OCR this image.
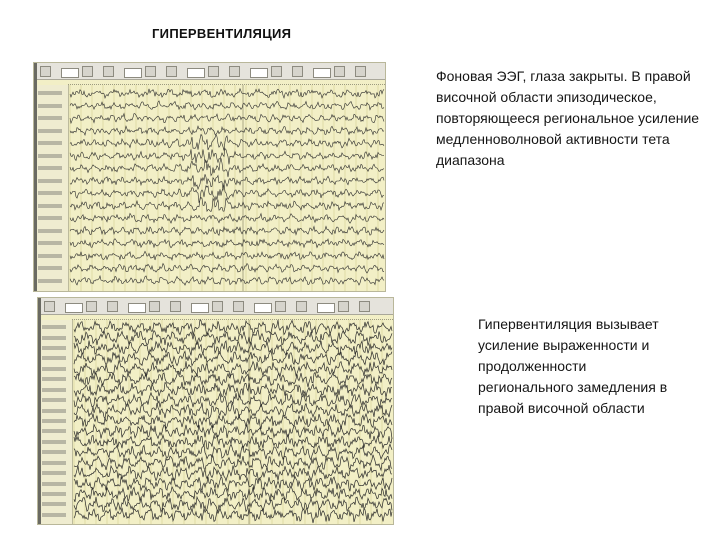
ГИПЕРВЕНТИЛЯЦИЯ
Фоновая ЭЭГ, глаза закрыты. В правой височной области эпизодическое, повторяющееся региональное усиление медленноволновой активности тета диапазона
Гипервентиляция вызывает усиление выраженности и продолженности регионального замедления в правой височной области
